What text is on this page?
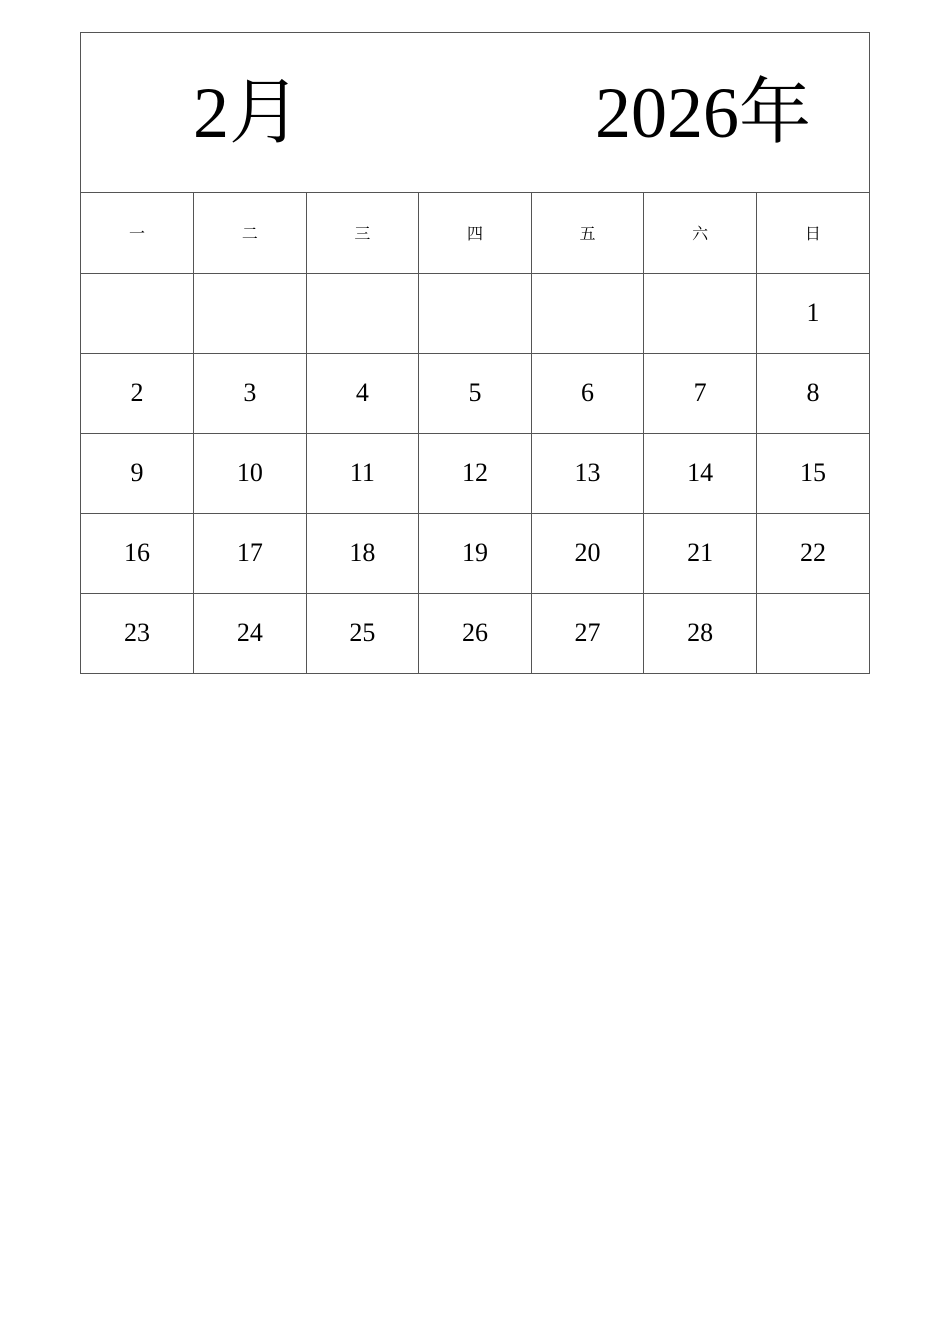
2月	2026年
一	二	三	四	五	六	日
						1
2	3	4	5	6	7	8
9	10	11	12	13	14	15
16	17	18	19	20	21	22
23	24	25	26	27	28	
